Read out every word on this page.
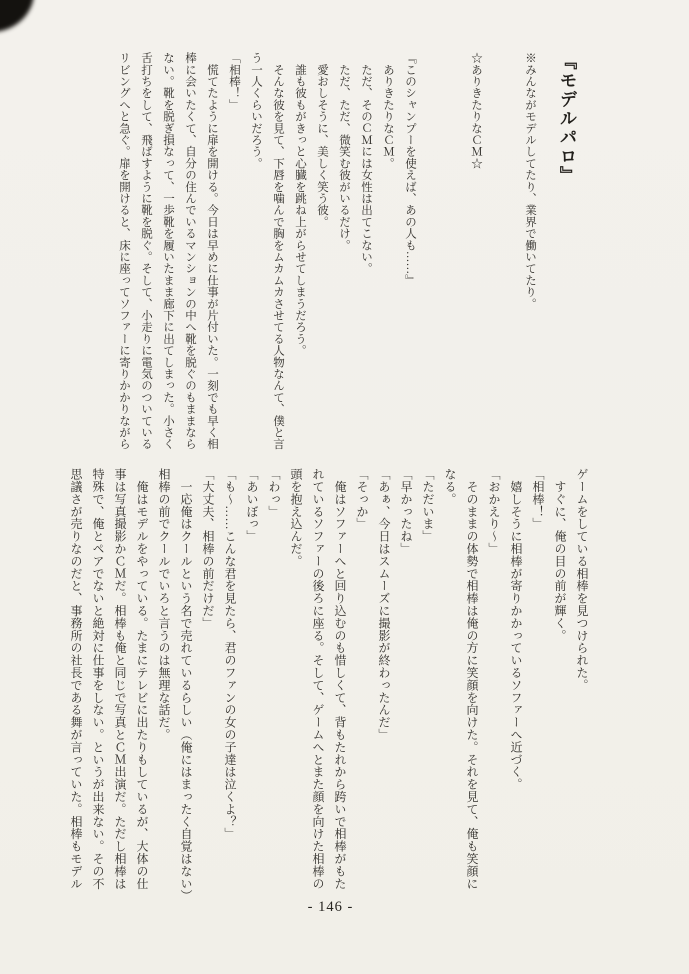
『モデルパロ』

※みんながモデルしてたり、業界で働いてたり。

☆ありきたりなＣＭ☆

『このシャンプーを使えば、あの人も……』

　ありきたりなＣＭ。

　ただ、そのＣＭには女性は出てこない。

　ただ、ただ、微笑む彼がいるだけ。

　愛おしそうに、美しく笑う彼。

　誰も彼もがきっと心臓を跳ね上がらせてしまうだろう。

　そんな彼を見て、下唇を噛んで胸をムカムカさせてる人物なんて、僕と言

う一人くらいだろう。

「相棒！」

　慌てたように扉を開ける。今日は早めに仕事が片付いた。一刻でも早く相

棒に会いたくて、自分の住んでいるマンションの中へ靴を脱ぐのもままなら

ない。靴を脱ぎ損なって、一歩靴を履いたまま廊下に出てしまった。小さく

舌打ちをして、飛ばすように靴を脱ぐ。そして、小走りに電気のついている

リビングへと急ぐ。扉を開けると、床に座ってソファーに寄りかかりながら

ゲームをしている相棒を見つけられた。

　すぐに、俺の目の前が輝く。

「相棒！」

　嬉しそうに相棒が寄りかかっているソファーへ近づく。

「おかえり〜」

　そのままの体勢で相棒は俺の方に笑顔を向けた。それを見て、俺も笑顔に

なる。

「ただいま」

「早かったね」

「あぁ、今日はスムーズに撮影が終わったんだ」

「そっか」

　俺はソファーへと回り込むのも惜しくて、背もたれから跨いで相棒がもた

れているソファーの後ろに座る。そして、ゲームへとまた顔を向けた相棒の

頭を抱え込んだ。

「わっ」

「あいぼっ」

「も〜……こんな君を見たら、君のファンの女の子達は泣くよ？」

「大丈夫、相棒の前だけだ」

　一応俺はクールという名で売れているらしい（俺にはまったく自覚はない）

相棒の前でクールでいろと言うのは無理な話だ。

　俺はモデルをやっている。たまにテレビに出たりもしているが、大体の仕

事は写真撮影かＣＭだ。相棒も俺と同じで写真とＣＭ出演だ。ただし相棒は

特殊で、俺とペアでないと絶対に仕事をしない。というが出来ない。その不

思議さが売りなのだと、事務所の社長である舞が言っていた。相棒もモデル

- 146 -
